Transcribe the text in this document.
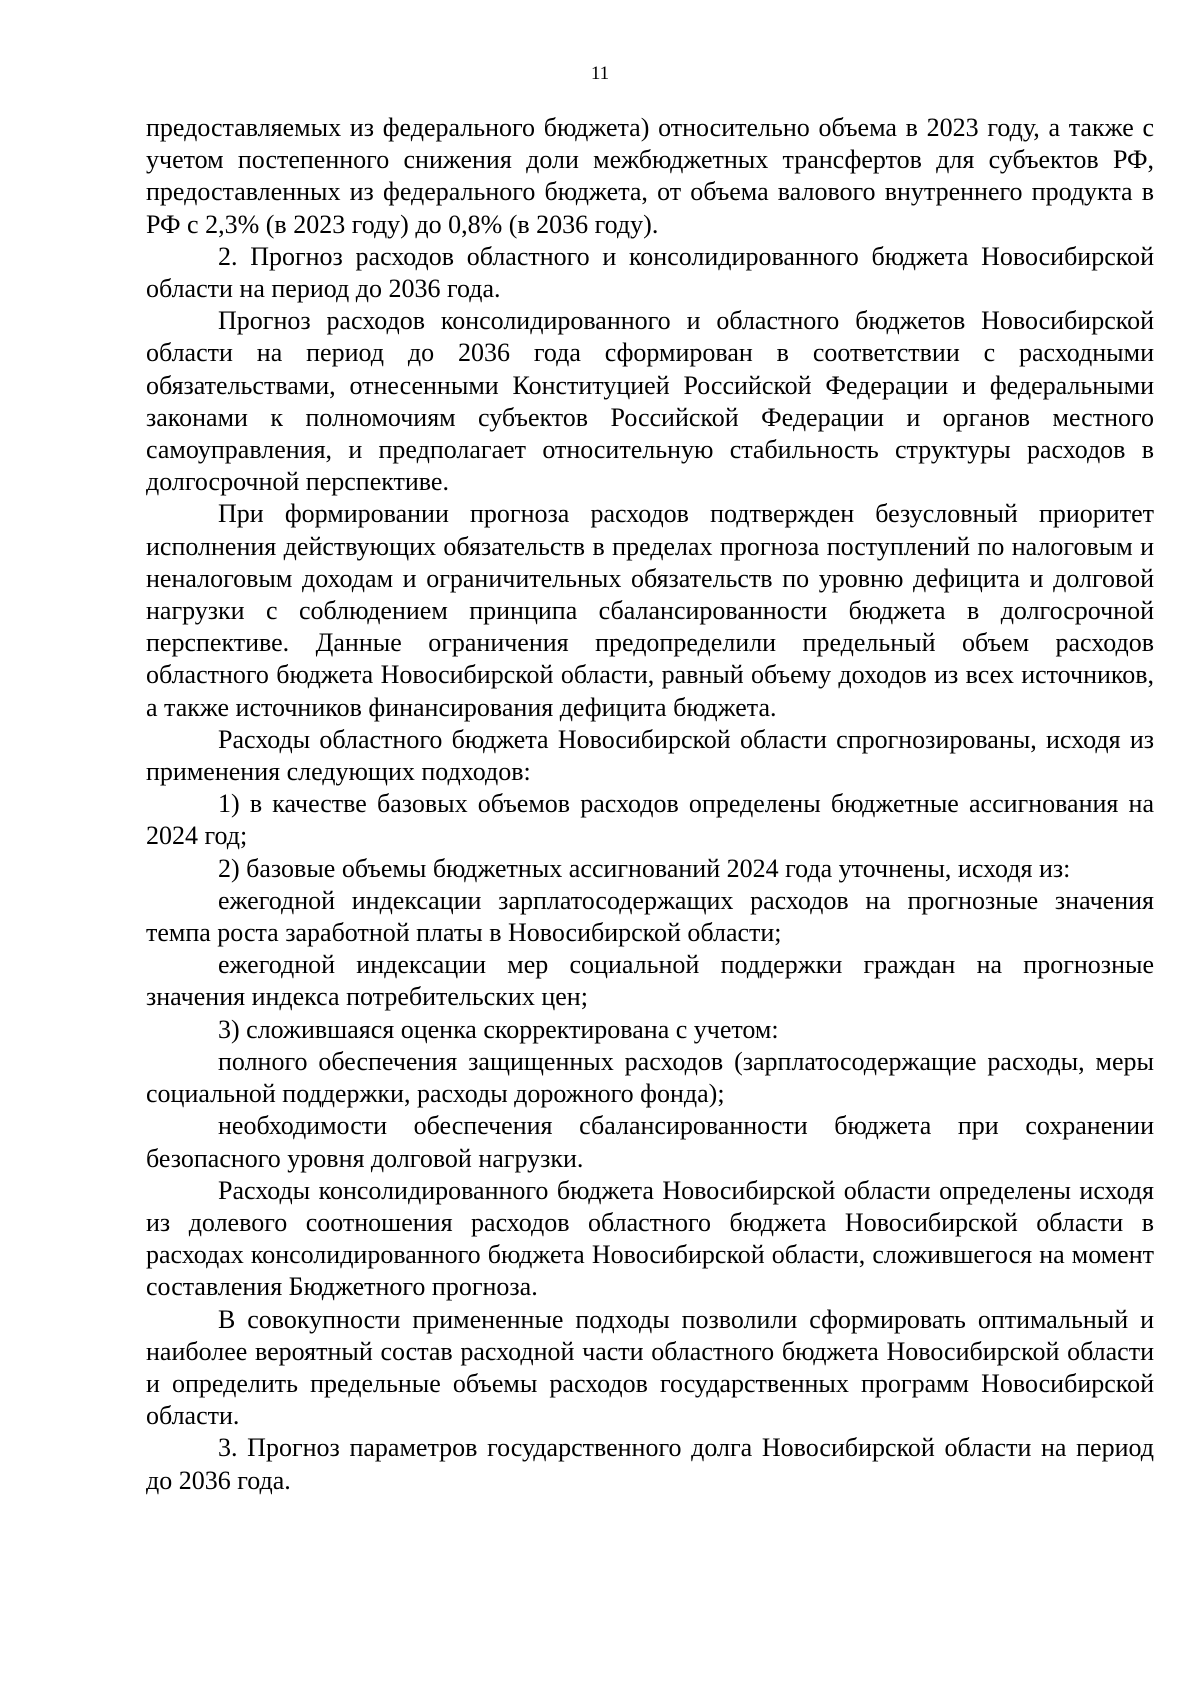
11

предоставляемых из федерального бюджета) относительно объема в 2023 году, а также с учетом постепенного снижения доли межбюджетных трансфертов для субъектов РФ, предоставленных из федерального бюджета, от объема валового внутреннего продукта в РФ с 2,3% (в 2023 году) до 0,8% (в 2036 году).

2. Прогноз расходов областного и консолидированного бюджета Новосибирской области на период до 2036 года.

Прогноз расходов консолидированного и областного бюджетов Новосибирской области на период до 2036 года сформирован в соответствии с расходными обязательствами, отнесенными Конституцией Российской Федерации и федеральными законами к полномочиям субъектов Российской Федерации и органов местного самоуправления, и предполагает относительную стабильность структуры расходов в долгосрочной перспективе.

При формировании прогноза расходов подтвержден безусловный приоритет исполнения действующих обязательств в пределах прогноза поступлений по налоговым и неналоговым доходам и ограничительных обязательств по уровню дефицита и долговой нагрузки с соблюдением принципа сбалансированности бюджета в долгосрочной перспективе. Данные ограничения предопределили предельный объем расходов областного бюджета Новосибирской области, равный объему доходов из всех источников, а также источников финансирования дефицита бюджета.

Расходы областного бюджета Новосибирской области спрогнозированы, исходя из применения следующих подходов:

1) в качестве базовых объемов расходов определены бюджетные ассигнования на 2024 год;

2) базовые объемы бюджетных ассигнований 2024 года уточнены, исходя из:

ежегодной индексации зарплатосодержащих расходов на прогнозные значения темпа роста заработной платы в Новосибирской области;

ежегодной индексации мер социальной поддержки граждан на прогнозные значения индекса потребительских цен;

3) сложившаяся оценка скорректирована с учетом:

полного обеспечения защищенных расходов (зарплатосодержащие расходы, меры социальной поддержки, расходы дорожного фонда);

необходимости обеспечения сбалансированности бюджета при сохранении безопасного уровня долговой нагрузки.

Расходы консолидированного бюджета Новосибирской области определены исходя из долевого соотношения расходов областного бюджета Новосибирской области в расходах консолидированного бюджета Новосибирской области, сложившегося на момент составления Бюджетного прогноза.

В совокупности примененные подходы позволили сформировать оптимальный и наиболее вероятный состав расходной части областного бюджета Новосибирской области и определить предельные объемы расходов государственных программ Новосибирской области.

3. Прогноз параметров государственного долга Новосибирской области на период до 2036 года.
